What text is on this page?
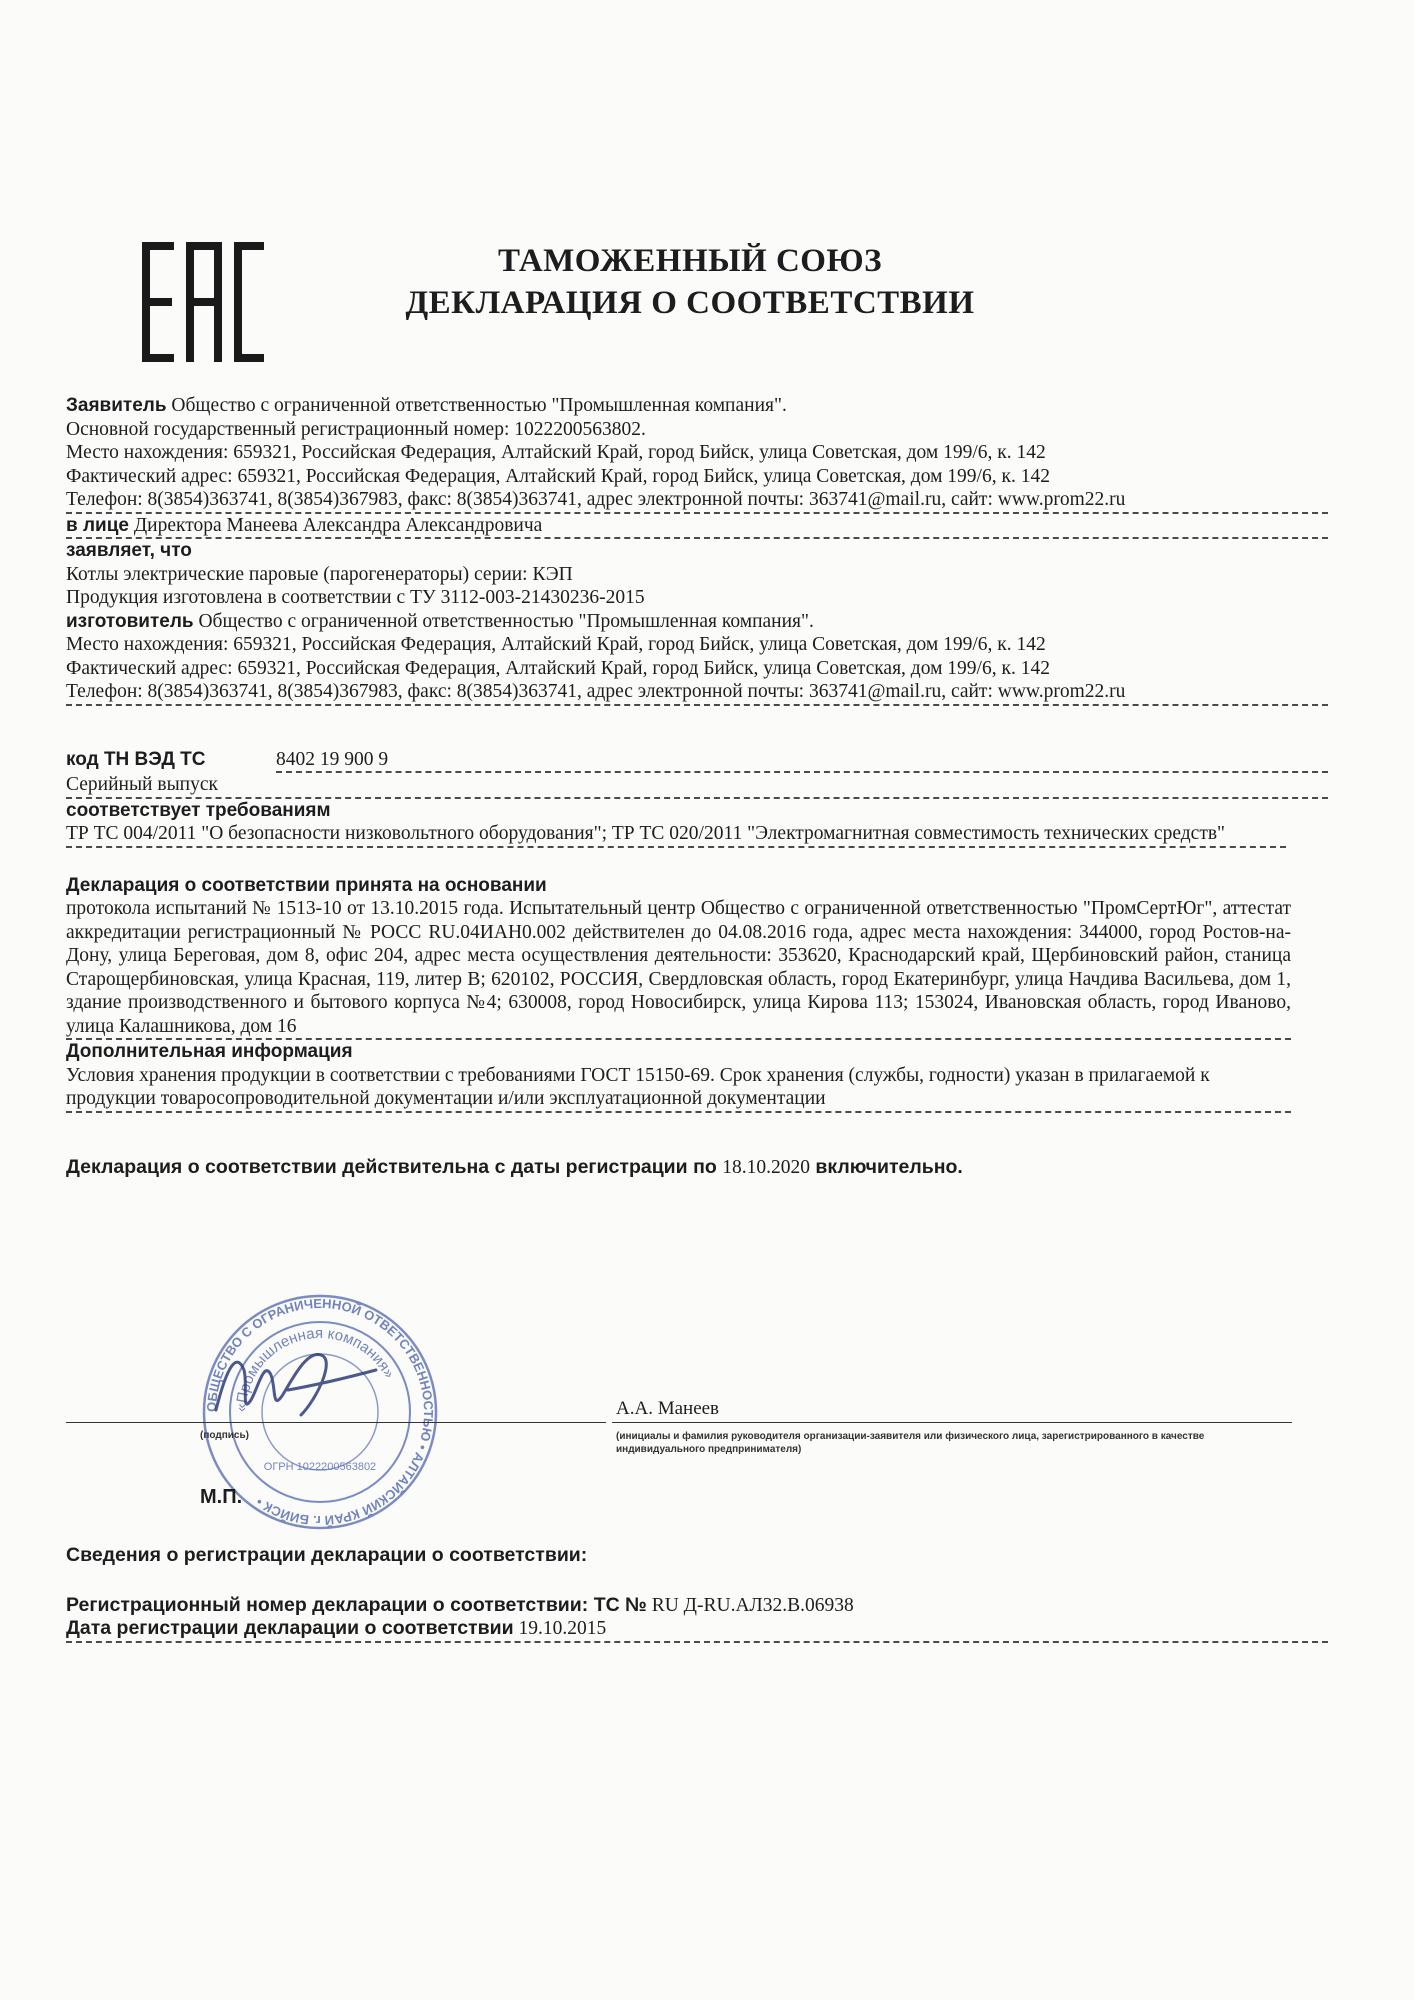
ТАМОЖЕННЫЙ СОЮЗ
ДЕКЛАРАЦИЯ О СООТВЕТСТВИИ
Заявитель Общество с ограниченной ответственностью "Промышленная компания".
Основной государственный регистрационный номер: 1022200563802.
Место нахождения: 659321, Российская Федерация, Алтайский Край, город Бийск, улица Советская, дом 199/6, к. 142
Фактический адрес: 659321, Российская Федерация, Алтайский Край, город Бийск, улица Советская, дом 199/6, к. 142
Телефон: 8(3854)363741, 8(3854)367983, факс: 8(3854)363741, адрес электронной почты: 363741@mail.ru, сайт: www.prom22.ru
в лице Директора Манеева Александра Александровича
заявляет, что
Котлы электрические паровые (парогенераторы) серии: КЭП
Продукция изготовлена в соответствии с ТУ 3112-003-21430236-2015
изготовитель Общество с ограниченной ответственностью "Промышленная компания".
Место нахождения: 659321, Российская Федерация, Алтайский Край, город Бийск, улица Советская, дом 199/6, к. 142
Фактический адрес: 659321, Российская Федерация, Алтайский Край, город Бийск, улица Советская, дом 199/6, к. 142
Телефон: 8(3854)363741, 8(3854)367983, факс: 8(3854)363741, адрес электронной почты: 363741@mail.ru, сайт: www.prom22.ru
код ТН ВЭД ТС	8402 19 900 9
Серийный выпуск
соответствует требованиям
ТР ТС 004/2011 "О безопасности низковольтного оборудования"; ТР ТС 020/2011 "Электромагнитная совместимость технических средств"
Декларация о соответствии принята на основании
протокола испытаний № 1513-10 от 13.10.2015 года. Испытательный центр Общество с ограниченной ответственностью "ПромСертЮг", аттестат аккредитации регистрационный № РОСС RU.04ИАН0.002 действителен до 04.08.2016 года, адрес места нахождения: 344000, город Ростов-на-Дону, улица Береговая, дом 8, офис 204, адрес места осуществления деятельности: 353620, Краснодарский край, Щербиновский район, станица Старощербиновская, улица Красная, 119, литер В; 620102, РОССИЯ, Свердловская область, город Екатеринбург, улица Начдива Васильева, дом 1, здание производственного и бытового корпуса №4; 630008, город Новосибирск, улица Кирова 113; 153024, Ивановская область, город Иваново, улица Калашникова, дом 16
Дополнительная информация
Условия хранения продукции в соответствии с требованиями ГОСТ 15150-69. Срок хранения (службы, годности) указан в прилагаемой к продукции товаросопроводительной документации и/или эксплуатационной документации
Декларация о соответствии действительна с даты регистрации по 18.10.2020 включительно.
ОБЩЕСТВО С ОГРАНИЧЕННОЙ ОТВЕТСТВЕННОСТЬЮ • АЛТАЙСКИЙ КРАЙ г. БИЙСК •
«Промышленная компания»
ОГРН 1022200563802
А.А. Манеев
(подпись)	(инициалы и фамилия руководителя организации-заявителя или физического лица, зарегистрированного в качестве индивидуального предпринимателя)
М.П.
Сведения о регистрации декларации о соответствии:
Регистрационный номер декларации о соответствии: ТС № RU Д-RU.АЛ32.В.06938
Дата регистрации декларации о соответствии 19.10.2015
